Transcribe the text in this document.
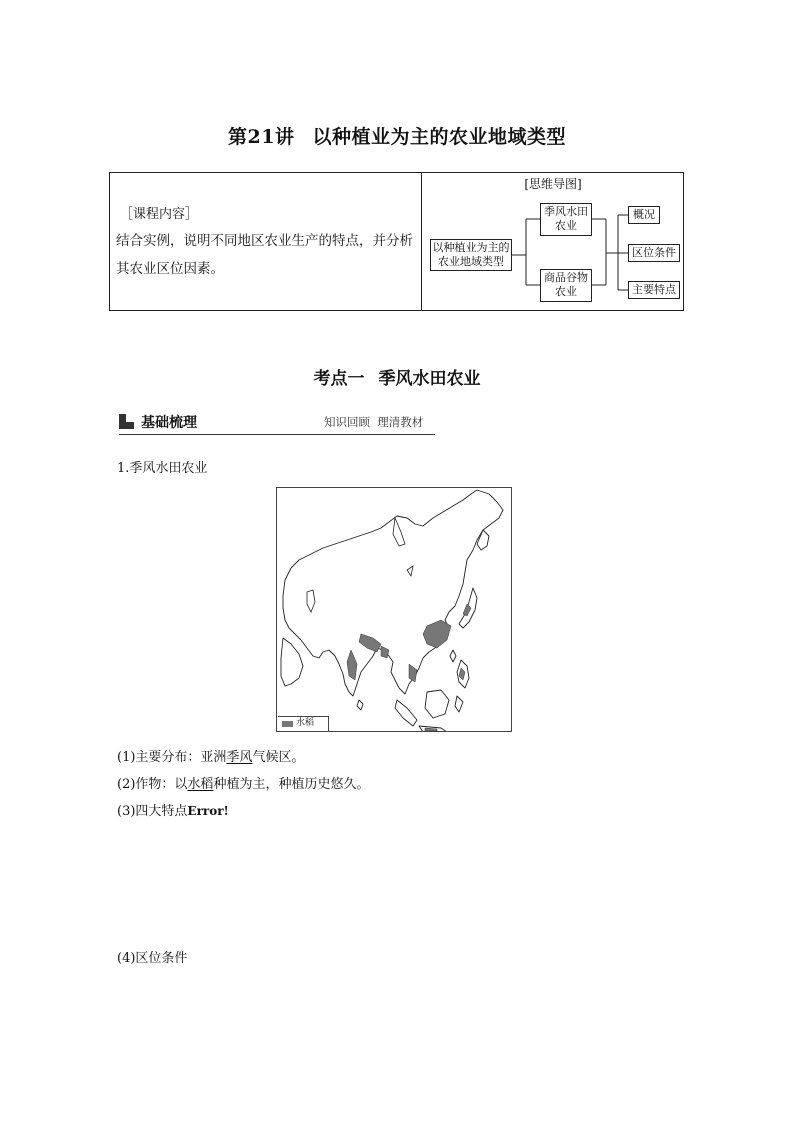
第21讲 以种植业为主的农业地域类型
［课程内容］
结合实例，说明不同地区农业生产的特点，并分析其农业区位因素。
[思维导图]
以种植业为主的农业地域类型
季风水田农业
商品谷物农业
概况
区位条件
主要特点
考点一 季风水田农业
基础梳理	知识回顾  理清教材
1.季风水田农业
水稻
(1)主要分布：亚洲季风气候区。
(2)作物：以水稻种植为主，种植历史悠久。
(3)四大特点Error!
(4)区位条件
